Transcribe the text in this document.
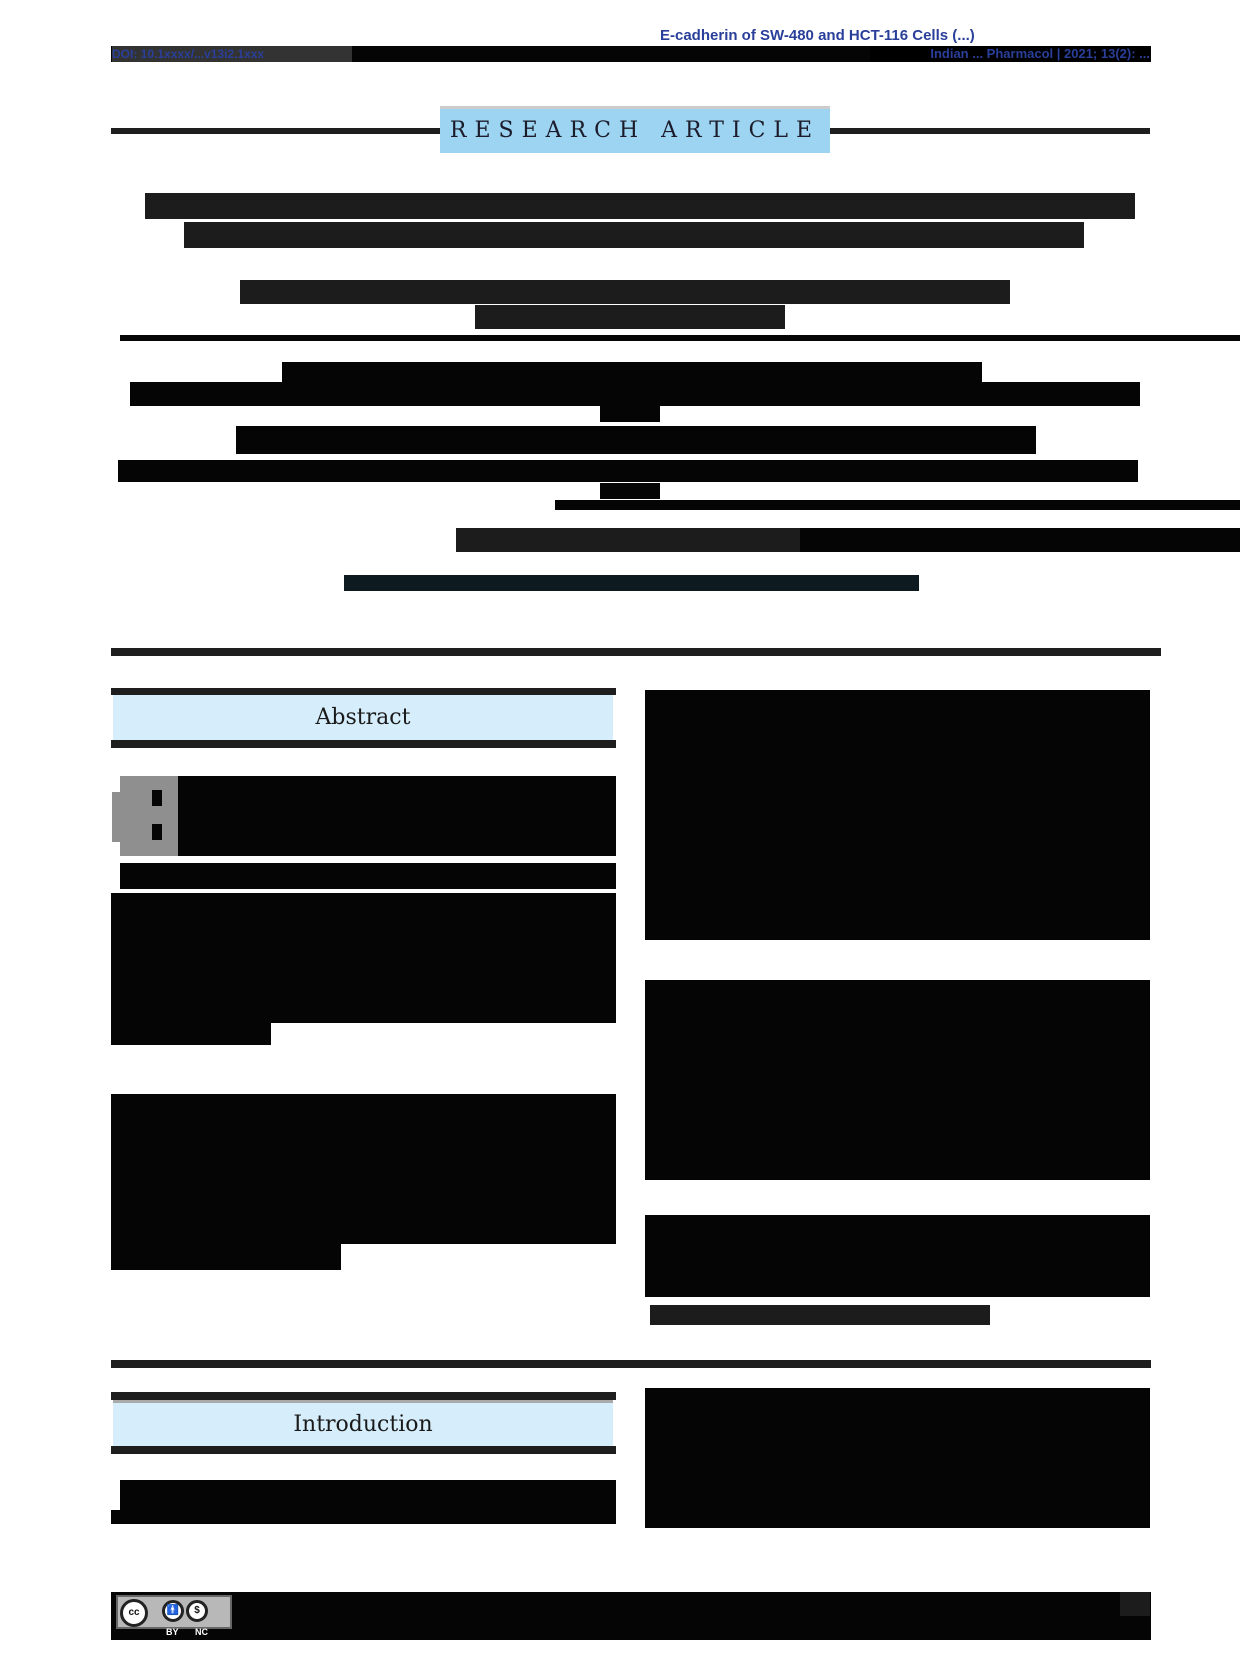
E-cadherin of SW-480 and HCT-116 Cells (...)
DOI: 10.1xxxx/...v13i2.1xxx	Indian ... Pharmacol | 2021; 13(2): ...
RESEARCH ARTICLE
Abstract
Introduction
cc	🚹	$
BY NC
